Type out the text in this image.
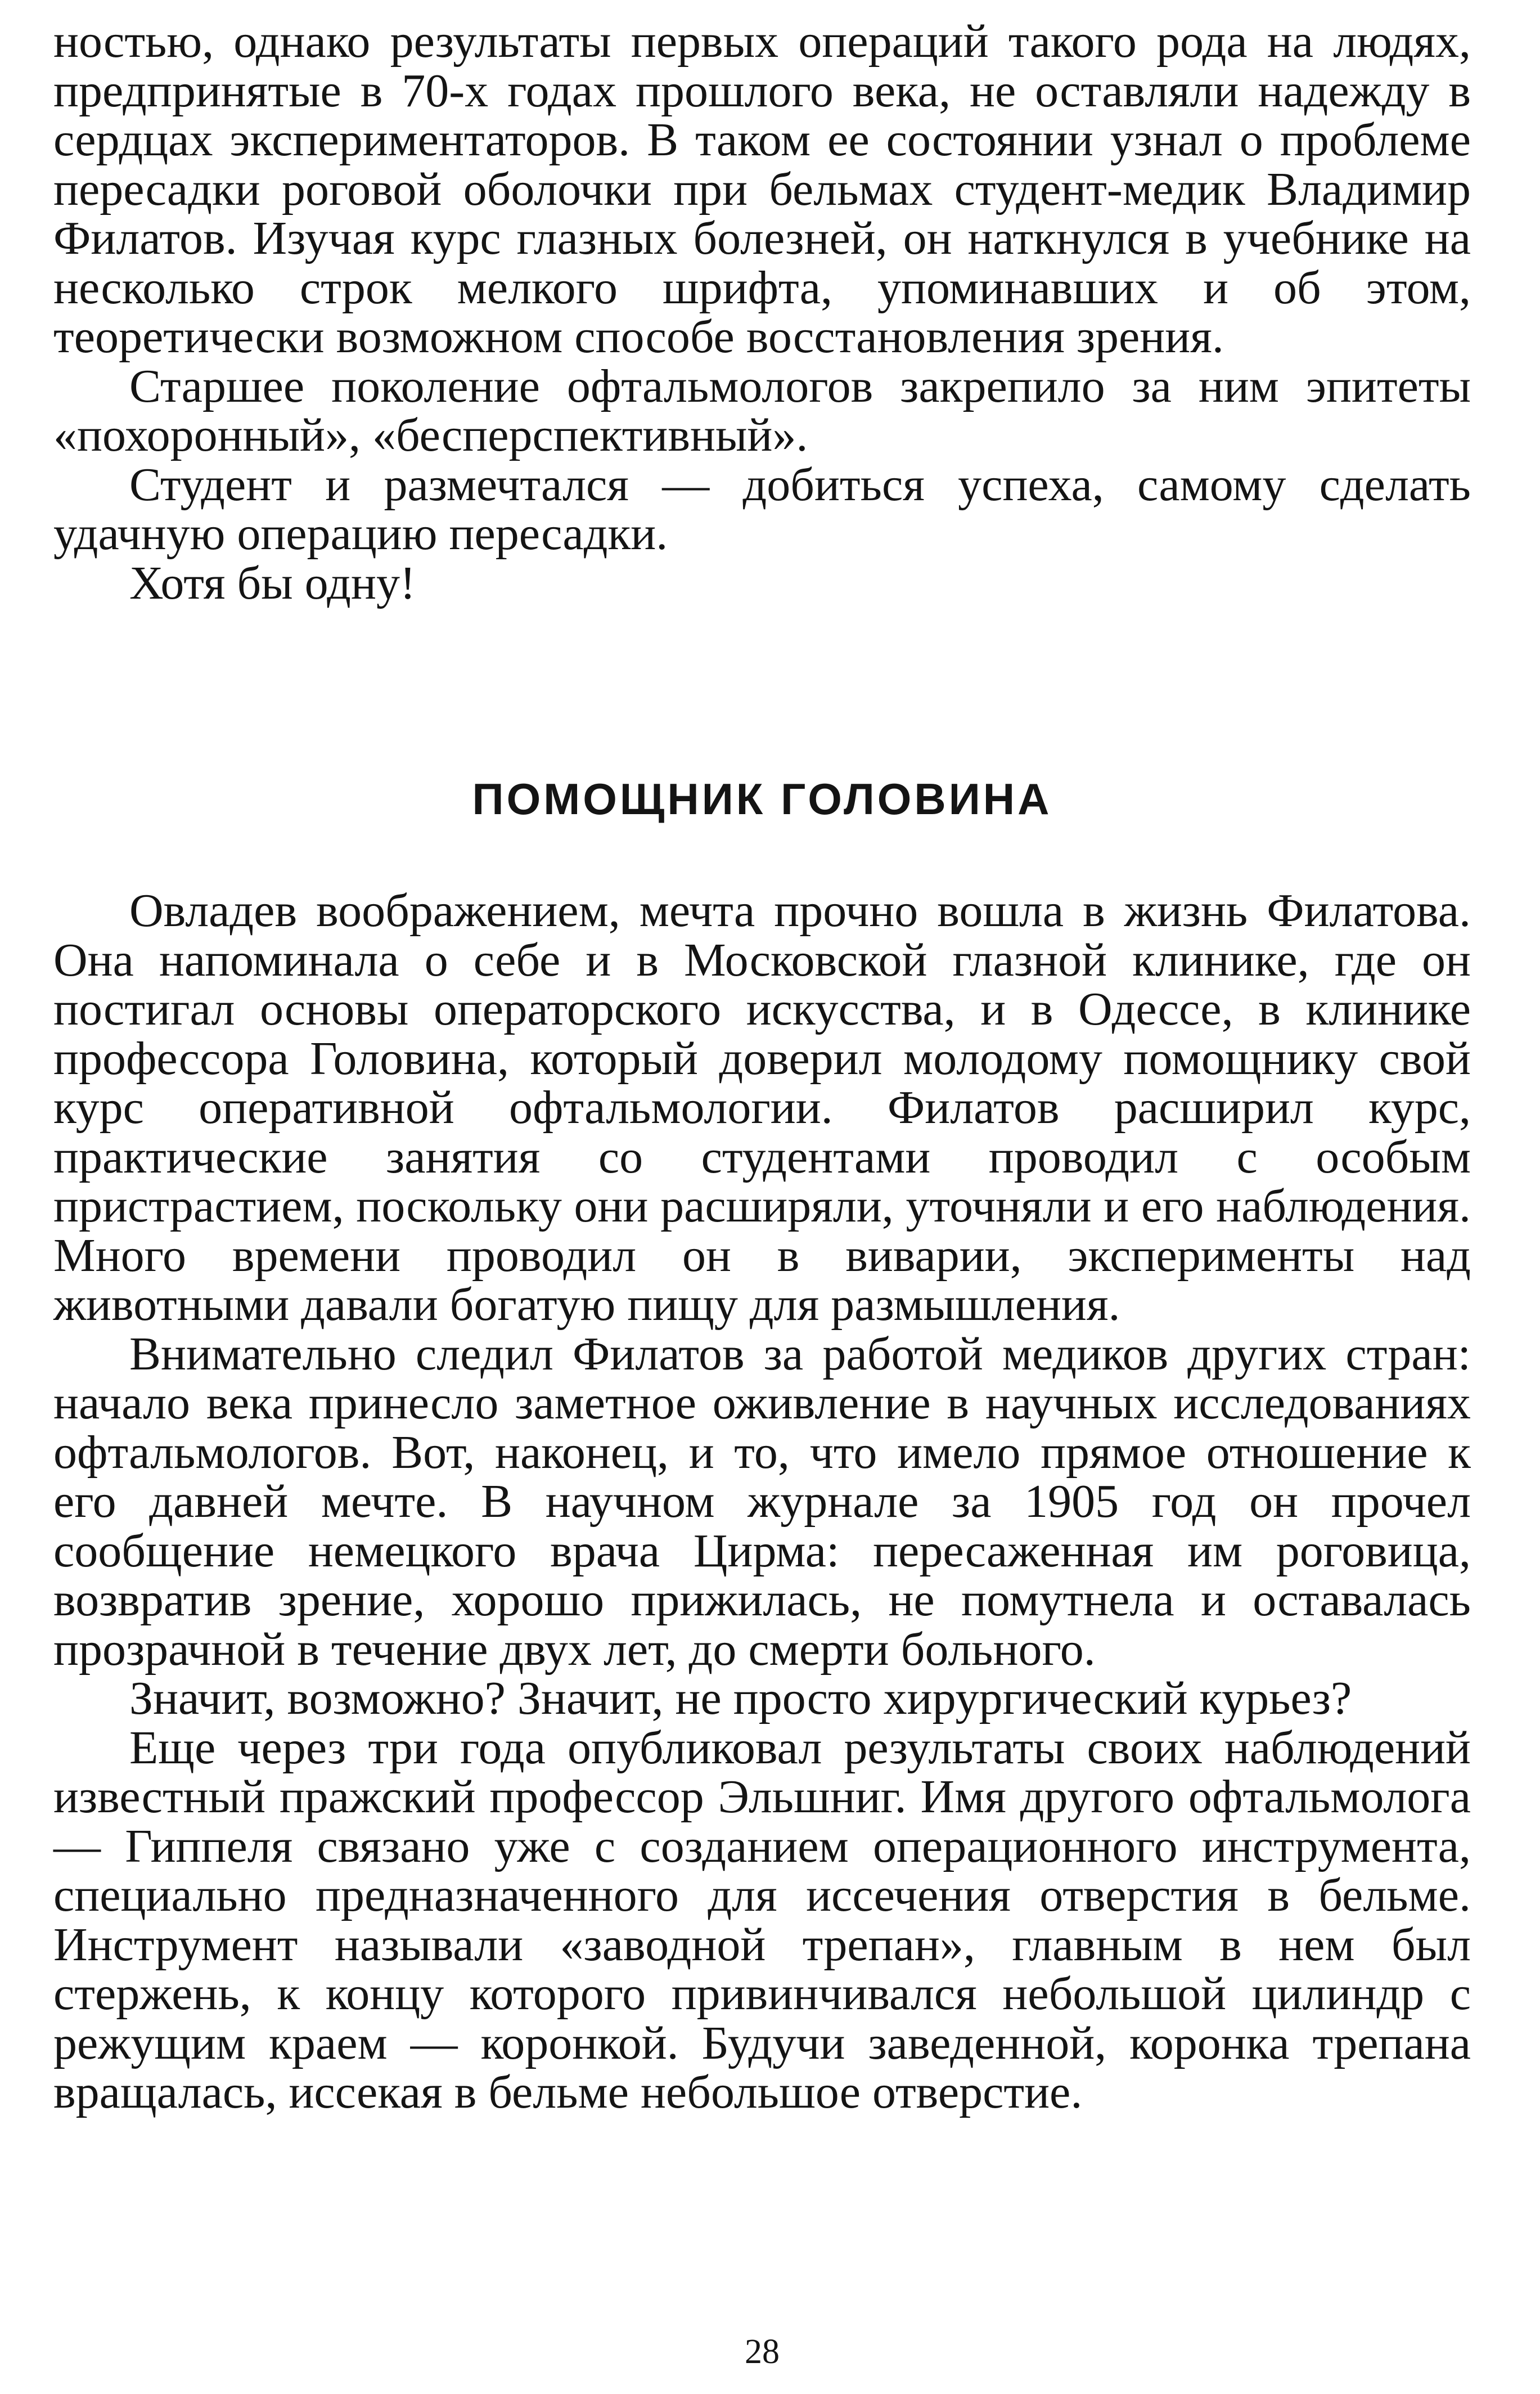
ностью, однако результаты первых операций такого рода на людях, предпринятые в 70-х годах прошлого века, не оставляли надежду в сердцах экспериментаторов. В таком ее состоянии узнал о проблеме пересадки роговой оболочки при бельмах студент-медик Владимир Филатов. Изучая курс глазных болезней, он наткнулся в учебнике на несколько строк мелкого шрифта, упоминавших и об этом, теоретически возможном способе восстановления зрения.

Старшее поколение офтальмологов закрепило за ним эпитеты «похоронный», «бесперспективный».

Студент и размечтался — добиться успеха, самому сделать удачную операцию пересадки.

Хотя бы одну!

ПОМОЩНИК ГОЛОВИНА

Овладев воображением, мечта прочно вошла в жизнь Филатова. Она напоминала о себе и в Московской глазной клинике, где он постигал основы операторского искусства, и в Одессе, в клинике профессора Головина, который доверил молодому помощнику свой курс оперативной офтальмологии. Филатов расширил курс, практические занятия со студентами проводил с особым пристрастием, поскольку они расширяли, уточняли и его наблюдения. Много времени проводил он в виварии, эксперименты над животными давали богатую пищу для размышления.

Внимательно следил Филатов за работой медиков других стран: начало века принесло заметное оживление в научных исследованиях офтальмологов. Вот, наконец, и то, что имело прямое отношение к его давней мечте. В научном журнале за 1905 год он прочел сообщение немецкого врача Цирма: пересаженная им роговица, возвратив зрение, хорошо прижилась, не помутнела и оставалась прозрачной в течение двух лет, до смерти больного.

Значит, возможно? Значит, не просто хирургический курьез?

Еще через три года опубликовал результаты своих наблюдений известный пражский профессор Эльшниг. Имя другого офтальмолога — Гиппеля связано уже с созданием операционного инструмента, специально предназначенного для иссечения отверстия в бельме. Инструмент называли «заводной трепан», главным в нем был стержень, к концу которого привинчивался небольшой цилиндр с режущим краем — коронкой. Будучи заведенной, коронка трепана вращалась, иссекая в бельме небольшое отверстие.

28
